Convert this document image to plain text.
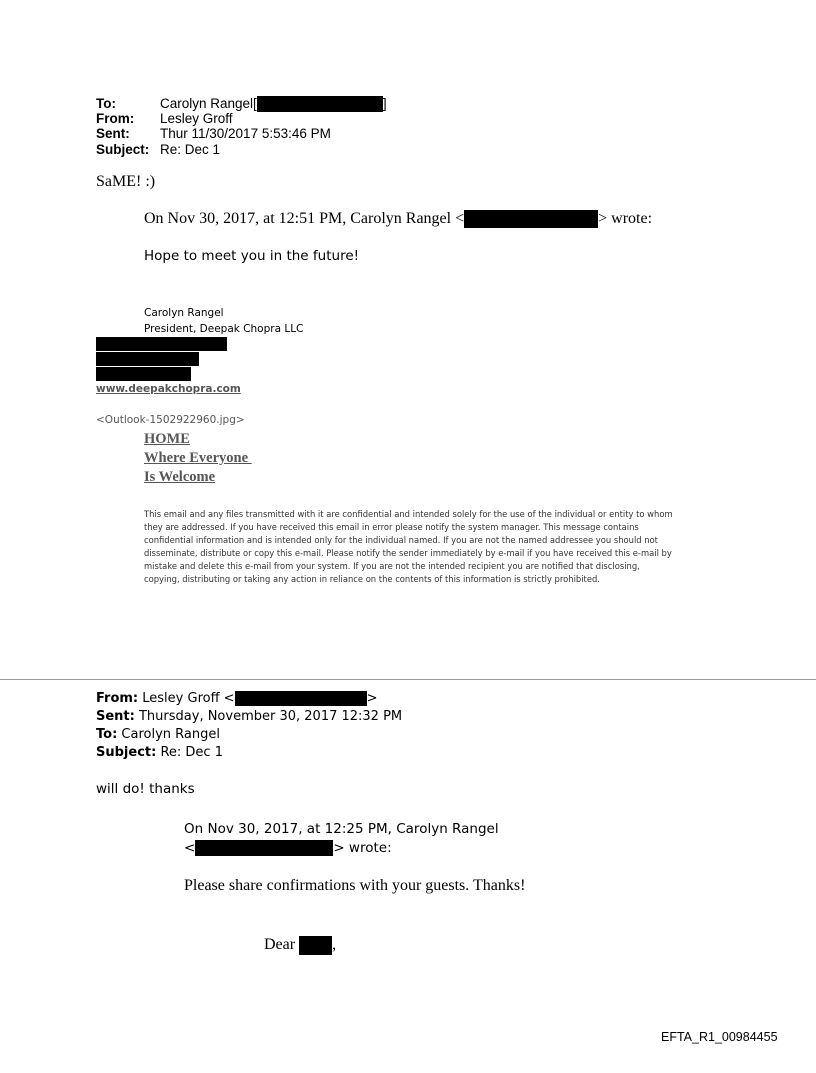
To:	Carolyn Rangel[	]
From: Lesley Groff
Sent: Thur 11/30/2017 5:53:46 PM
Subject: Re: Dec 1
SaME! :)
On Nov 30, 2017, at 12:51 PM, Carolyn Rangel <	> wrote:
Hope to meet you in the future!
Carolyn Rangel
President, Deepak Chopra LLC
www.deepakchopra.com
<Outlook-1502922960.jpg>
HOME
Where Everyone
Is Welcome
This email and any files transmitted with it are confidential and intended solely for the use of the individual or entity to whom they are addressed. If you have received this email in error please notify the system manager. This message contains confidential information and is intended only for the individual named. If you are not the named addressee you should not disseminate, distribute or copy this e-mail. Please notify the sender immediately by e-mail if you have received this e-mail by mistake and delete this e-mail from your system. If you are not the intended recipient you are notified that disclosing, copying, distributing or taking any action in reliance on the contents of this information is strictly prohibited.
From: Lesley Groff <	>
Sent: Thursday, November 30, 2017 12:32 PM
To: Carolyn Rangel
Subject: Re: Dec 1
will do! thanks
On Nov 30, 2017, at 12:25 PM, Carolyn Rangel
<	> wrote:
Please share confirmations with your guests. Thanks!
Dear ,
EFTA_R1_00984455
